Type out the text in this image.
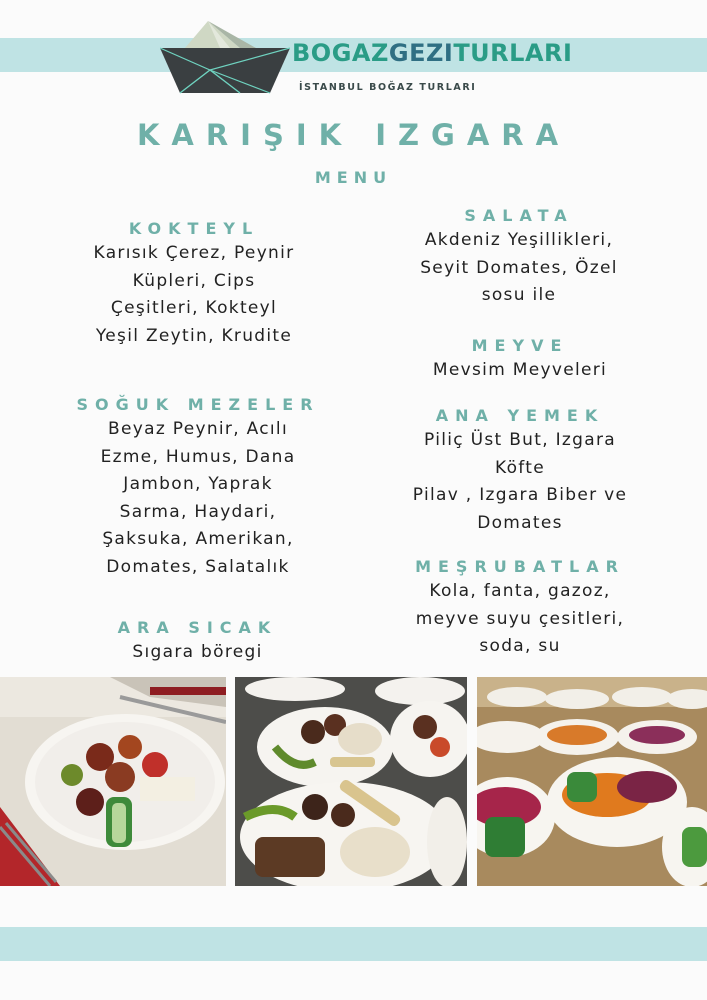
BOGAZGEZITURLARI
İSTANBUL BOĞAZ TURLARI
KARIŞIK IZGARA
MENU
KOKTEYL

Karısık Çerez, Peynir

Küpleri, Cips

Çeşitleri, Kokteyl

Yeşil Zeytin, Krudite

SOĞUK MEZELER

Beyaz Peynir, Acılı

Ezme, Humus, Dana

Jambon, Yaprak

Sarma, Haydari,

Şaksuka, Amerikan,

Domates, Salatalık

ARA SICAK

Sıgara böregi

SALATA

Akdeniz Yeşillikleri,

Seyit Domates, Özel

sosu ile

MEYVE

Mevsim Meyveleri

ANA YEMEK

Piliç Üst But, Izgara

Köfte

Pilav , Izgara Biber ve

Domates

MEŞRUBATLAR

Kola, fanta, gazoz,

meyve suyu çesitleri,

soda, su
